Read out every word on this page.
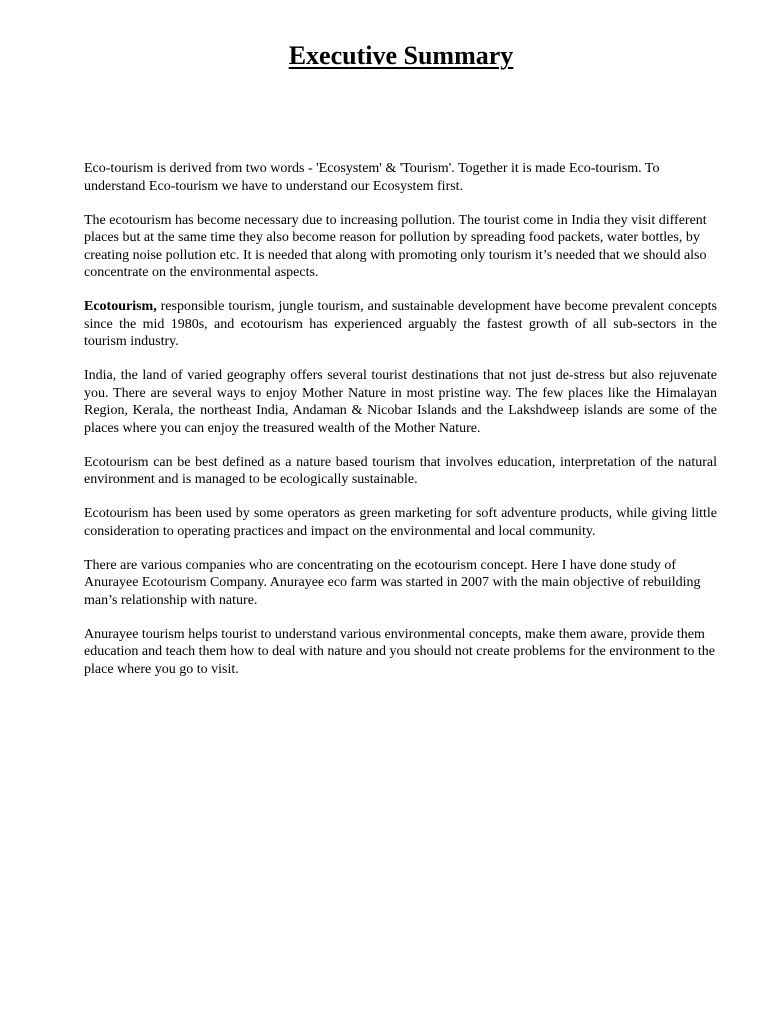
Executive Summary

Eco-tourism is derived from two words - 'Ecosystem' & 'Tourism'. Together it is made Eco-tourism. To understand Eco-tourism we have to understand our Ecosystem first.

The ecotourism has become necessary due to increasing pollution. The tourist come in India they visit different places but at the same time they also become reason for pollution by spreading food packets, water bottles, by creating noise pollution etc. It is needed that along with promoting only tourism it’s needed that we should also concentrate on the environmental aspects.

Ecotourism, responsible tourism, jungle tourism, and sustainable development have become prevalent concepts since the mid 1980s, and ecotourism has experienced arguably the fastest growth of all sub-sectors in the tourism industry.

India, the land of varied geography offers several tourist destinations that not just de-stress but also rejuvenate you. There are several ways to enjoy Mother Nature in most pristine way. The few places like the Himalayan Region, Kerala, the northeast India, Andaman & Nicobar Islands and the Lakshdweep islands are some of the places where you can enjoy the treasured wealth of the Mother Nature.

Ecotourism can be best defined as a nature based tourism that involves education, interpretation of the natural environment and is managed to be ecologically sustainable.

Ecotourism has been used by some operators as green marketing for soft adventure products, while giving little consideration to operating practices and impact on the environmental and local community.

There are various companies who are concentrating on the ecotourism concept. Here I have done study of Anurayee Ecotourism Company. Anurayee eco farm was started in 2007 with the main objective of rebuilding man’s relationship with nature.

Anurayee tourism helps tourist to understand various environmental concepts, make them aware, provide them education and teach them how to deal with nature and you should not create problems for the environment to the place where you go to visit.
